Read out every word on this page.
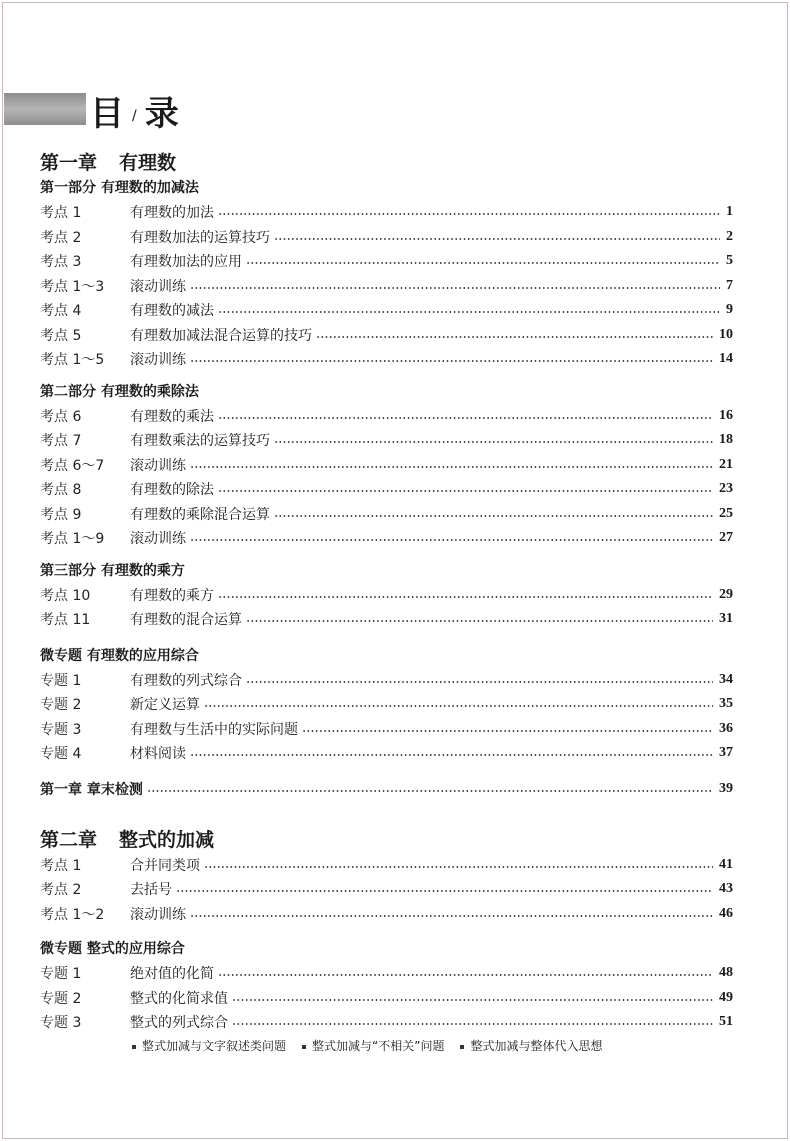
目 / 录
第一章 有理数
第一部分 有理数的加减法
考点 1	有理数的加法	1
考点 2	有理数加法的运算技巧	2
考点 3	有理数加法的应用	5
考点 1～3	滚动训练	7
考点 4	有理数的减法	9
考点 5	有理数加减法混合运算的技巧	10
考点 1～5	滚动训练	14
第二部分 有理数的乘除法
考点 6	有理数的乘法	16
考点 7	有理数乘法的运算技巧	18
考点 6～7	滚动训练	21
考点 8	有理数的除法	23
考点 9	有理数的乘除混合运算	25
考点 1～9	滚动训练	27
第三部分 有理数的乘方
考点 10	有理数的乘方	29
考点 11	有理数的混合运算	31
微专题 有理数的应用综合
专题 1	有理数的列式综合	34
专题 2	新定义运算	35
专题 3	有理数与生活中的实际问题	36
专题 4	材料阅读	37
第一章 章末检测	39
第二章 整式的加减
考点 1	合并同类项	41
考点 2	去括号	43
考点 1～2	滚动训练	46
微专题 整式的应用综合
专题 1	绝对值的化简	48
专题 2	整式的化简求值	49
专题 3	整式的列式综合	51
整式加减与文字叙述类问题	整式加减与“不相关”问题	整式加减与整体代入思想
